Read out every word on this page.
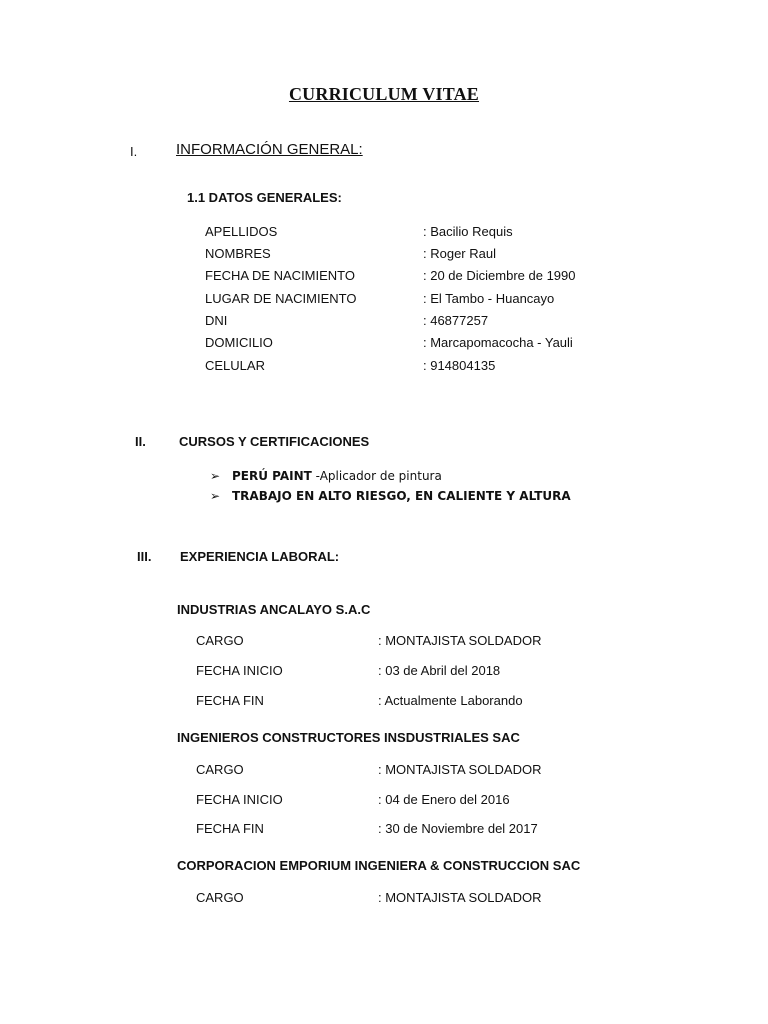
CURRICULUM VITAE
I.	INFORMACIÓN GENERAL:
1.1 DATOS GENERALES:
APELLIDOS	: Bacilio Requis
NOMBRES	: Roger Raul
FECHA DE NACIMIENTO	: 20 de Diciembre de 1990
LUGAR DE NACIMIENTO	: El Tambo - Huancayo
DNI	: 46877257
DOMICILIO	: Marcapomacocha - Yauli
CELULAR	: 914804135
II.	CURSOS Y CERTIFICACIONES
➢ PERÚ PAINT -Aplicador de pintura
➢ TRABAJO EN ALTO RIESGO, EN CALIENTE Y ALTURA
III. EXPERIENCIA LABORAL:
INDUSTRIAS ANCALAYO S.A.C
CARGO	: MONTAJISTA SOLDADOR
FECHA INICIO	: 03 de Abril del 2018
FECHA FIN	: Actualmente Laborando
INGENIEROS CONSTRUCTORES INSDUSTRIALES SAC
CARGO	: MONTAJISTA SOLDADOR
FECHA INICIO	: 04 de Enero del 2016
FECHA FIN	: 30 de Noviembre del 2017
CORPORACION EMPORIUM INGENIERA & CONSTRUCCION SAC
CARGO	: MONTAJISTA SOLDADOR
